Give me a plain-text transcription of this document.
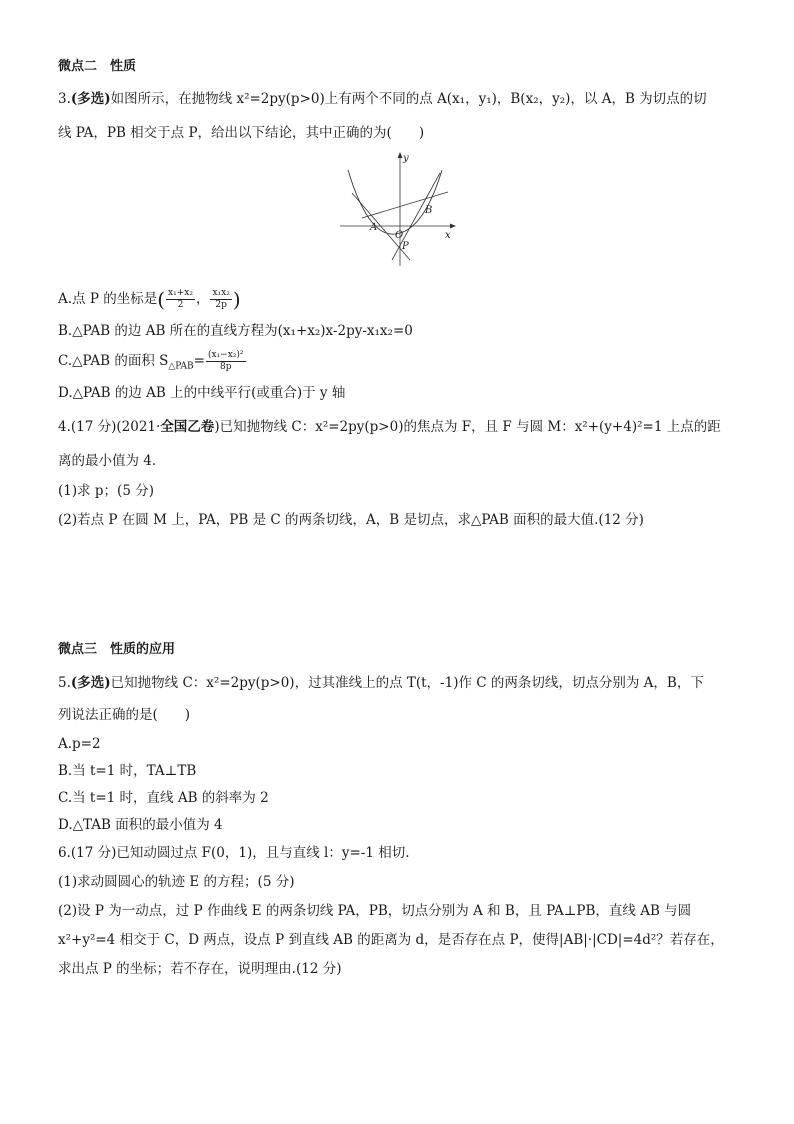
微点二　性质
3.(多选)如图所示，在抛物线 x²=2py(p>0)上有两个不同的点 A(x₁，y₁)，B(x₂，y₂)，以 A，B 为切点的切
线 PA，PB 相交于点 P，给出以下结论，其中正确的为(　　)
y
x
A
B
O
P
A.点 P 的坐标是( $\frac{\text{x₁+x₂}}{2}$ ， $\frac{\text{x₁x₂}}{2p}$ )
B.△PAB 的边 AB 所在的直线方程为(x₁+x₂)x-2py-x₁x₂=0
C.△PAB 的面积 $S_{\triangle PAB}= \frac{\text{(x₁−x₂)²}}{8p}$
D.△PAB 的边 AB 上的中线平行(或重合)于 y 轴
4.(17 分)(2021·全国乙卷)已知抛物线 C：x²=2py(p>0)的焦点为 F，且 F 与圆 M：x²+(y+4)²=1 上点的距
离的最小值为 4.
(1)求 p；(5 分)
(2)若点 P 在圆 M 上，PA，PB 是 C 的两条切线，A，B 是切点，求△PAB 面积的最大值.(12 分)
微点三　性质的应用
5.(多选)已知抛物线 C：x²=2py(p>0)，过其准线上的点 T(t，-1)作 C 的两条切线，切点分别为 A，B，下
列说法正确的是(　　)
A.p=2
B.当 t=1 时，TA⊥TB
C.当 t=1 时，直线 AB 的斜率为 2
D.△TAB 面积的最小值为 4
6.(17 分)已知动圆过点 F(0，1)，且与直线 l：y=-1 相切.
(1)求动圆圆心的轨迹 E 的方程；(5 分)
(2)设 P 为一动点，过 P 作曲线 E 的两条切线 PA，PB，切点分别为 A 和 B，且 PA⊥PB，直线 AB 与圆
x²+y²=4 相交于 C，D 两点，设点 P 到直线 AB 的距离为 d，是否存在点 P，使得|AB|·|CD|=4d²？若存在，
求出点 P 的坐标；若不存在，说明理由.(12 分)
